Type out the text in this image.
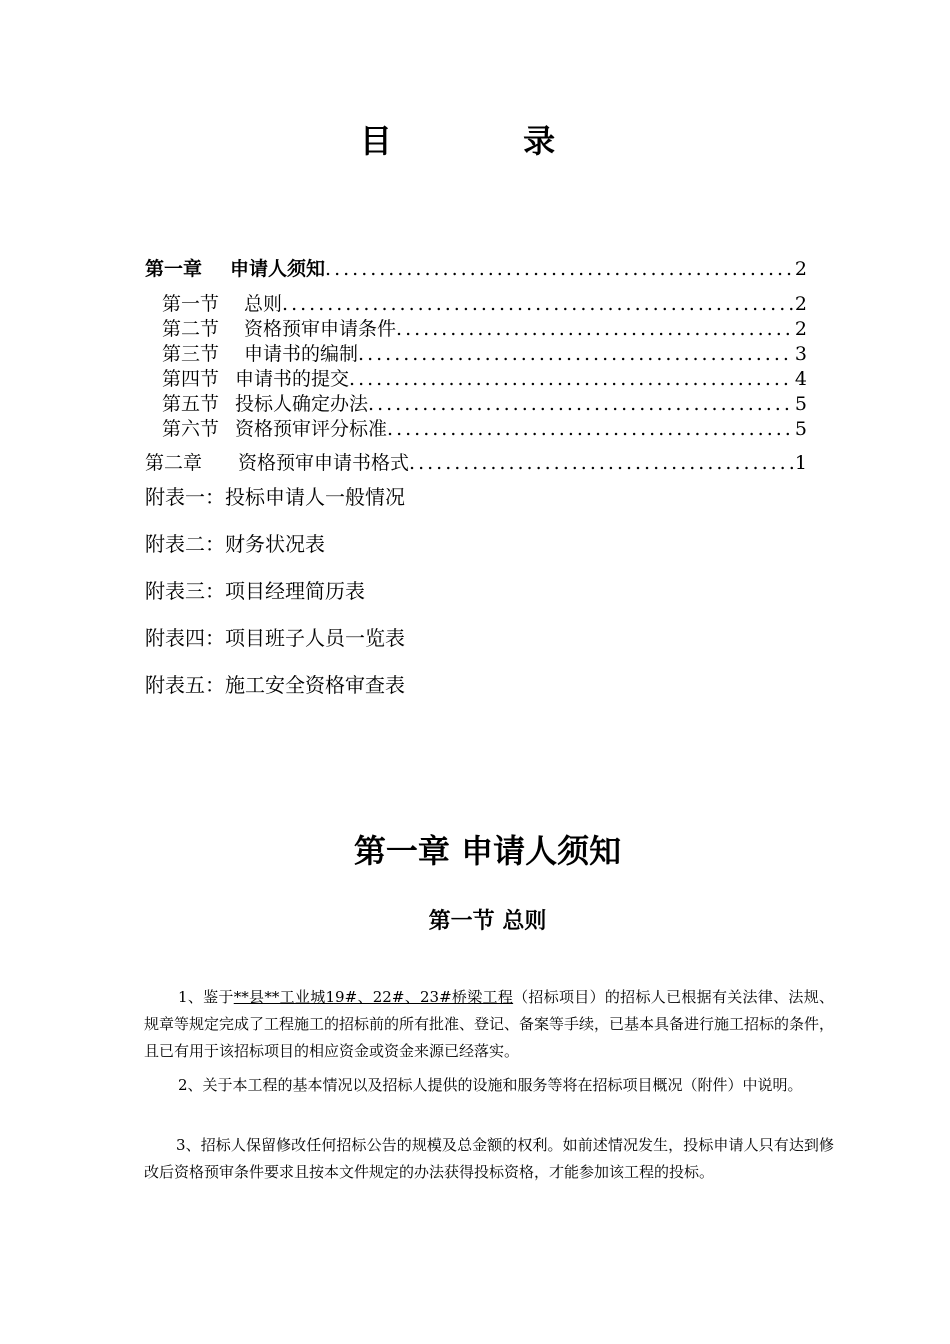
目 录
第一章 申请人须知 .....	2
第一节 总则 .....	2
第二节 资格预审申请条件 .....	2
第三节 申请书的编制 .....	3
第四节 申请书的提交 .....	4
第五节 投标人确定办法 .....	5
第六节 资格预审评分标准 .....	5
第二章 资格预审申请书格式 .....	1
附表一：投标申请人一般情况
附表二：财务状况表
附表三：项目经理简历表
附表四：项目班子人员一览表
附表五：施工安全资格审查表
第一章 申请人须知
第一节 总则

1、鉴于**县**工业城19#、22#、23#桥梁工程（招标项目）的招标人已根据有关法律、法规、规章等规定完成了工程施工的招标前的所有批准、登记、备案等手续，已基本具备进行施工招标的条件，且已有用于该招标项目的相应资金或资金来源已经落实。

2、关于本工程的基本情况以及招标人提供的设施和服务等将在招标项目概况（附件）中说明。

3、招标人保留修改任何招标公告的规模及总金额的权利。如前述情况发生，投标申请人只有达到修改后资格预审条件要求且按本文件规定的办法获得投标资格，才能参加该工程的投标。
